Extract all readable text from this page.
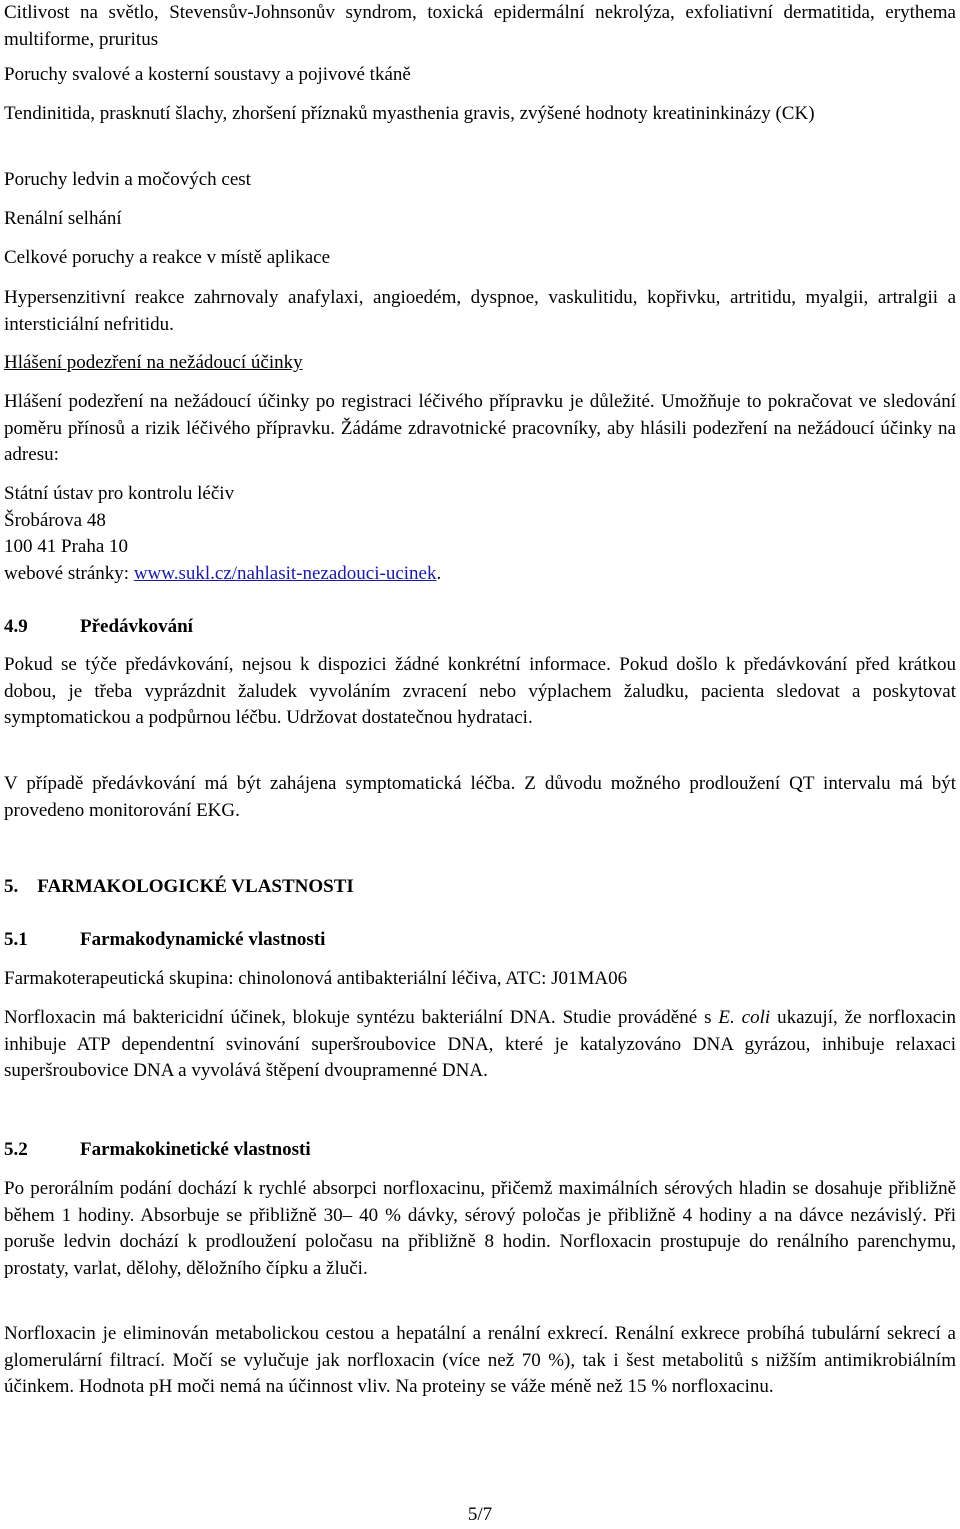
Citlivost na světlo, Stevensův-Johnsonův syndrom, toxická epidermální nekrolýza, exfoliativní dermatitida, erythema multiforme, pruritus

Poruchy svalové a kosterní soustavy a pojivové tkáně

Tendinitida, prasknutí šlachy, zhoršení příznaků myasthenia gravis, zvýšené hodnoty kreatininkinázy (CK)

Poruchy ledvin a močových cest

Renální selhání

Celkové poruchy a reakce v místě aplikace

Hypersenzitivní reakce zahrnovaly anafylaxi, angioedém, dyspnoe, vaskulitidu, kopřivku, artritidu, myalgii, artralgii a intersticiální nefritidu.

Hlášení podezření na nežádoucí účinky

Hlášení podezření na nežádoucí účinky po registraci léčivého přípravku je důležité. Umožňuje to pokračovat ve sledování poměru přínosů a rizik léčivého přípravku. Žádáme zdravotnické pracovníky, aby hlásili podezření na nežádoucí účinky na adresu:

Státní ústav pro kontrolu léčiv

Šrobárova 48

100 41 Praha 10

webové stránky: www.sukl.cz/nahlasit-nezadouci-ucinek.

4.9	Předávkování

Pokud se týče předávkování, nejsou k dispozici žádné konkrétní informace. Pokud došlo k předávkování před krátkou dobou, je třeba vyprázdnit žaludek vyvoláním zvracení nebo výplachem žaludku, pacienta sledovat a poskytovat symptomatickou a podpůrnou léčbu. Udržovat dostatečnou hydrataci.

V případě předávkování má být zahájena symptomatická léčba. Z důvodu možného prodloužení QT intervalu má být provedeno monitorování EKG.

5.    FARMAKOLOGICKÉ VLASTNOSTI

5.1	Farmakodynamické vlastnosti

Farmakoterapeutická skupina: chinolonová antibakteriální léčiva, ATC: J01MA06

Norfloxacin má baktericidní účinek, blokuje syntézu bakteriální DNA. Studie prováděné s E. coli ukazují, že norfloxacin inhibuje ATP dependentní svinování superšroubovice DNA, které je katalyzováno DNA gyrázou, inhibuje relaxaci superšroubovice DNA a vyvolává štěpení dvoupramenné DNA.

5.2	Farmakokinetické vlastnosti

Po perorálním podání dochází k rychlé absorpci norfloxacinu, přičemž maximálních sérových hladin se dosahuje přibližně během 1 hodiny. Absorbuje se přibližně 30– 40 % dávky, sérový poločas je přibližně 4 hodiny a na dávce nezávislý. Při poruše ledvin dochází k prodloužení poločasu na přibližně 8 hodin. Norfloxacin prostupuje do renálního parenchymu, prostaty, varlat, dělohy, děložního čípku a žluči.

Norfloxacin je eliminován metabolickou cestou a hepatální a renální exkrecí. Renální exkrece probíhá tubulární sekrecí a glomerulární filtrací. Močí se vylučuje jak norfloxacin (více než 70 %), tak i šest metabolitů s nižším antimikrobiálním účinkem. Hodnota pH moči nemá na účinnost vliv. Na proteiny se váže méně než 15 % norfloxacinu.

5/7
